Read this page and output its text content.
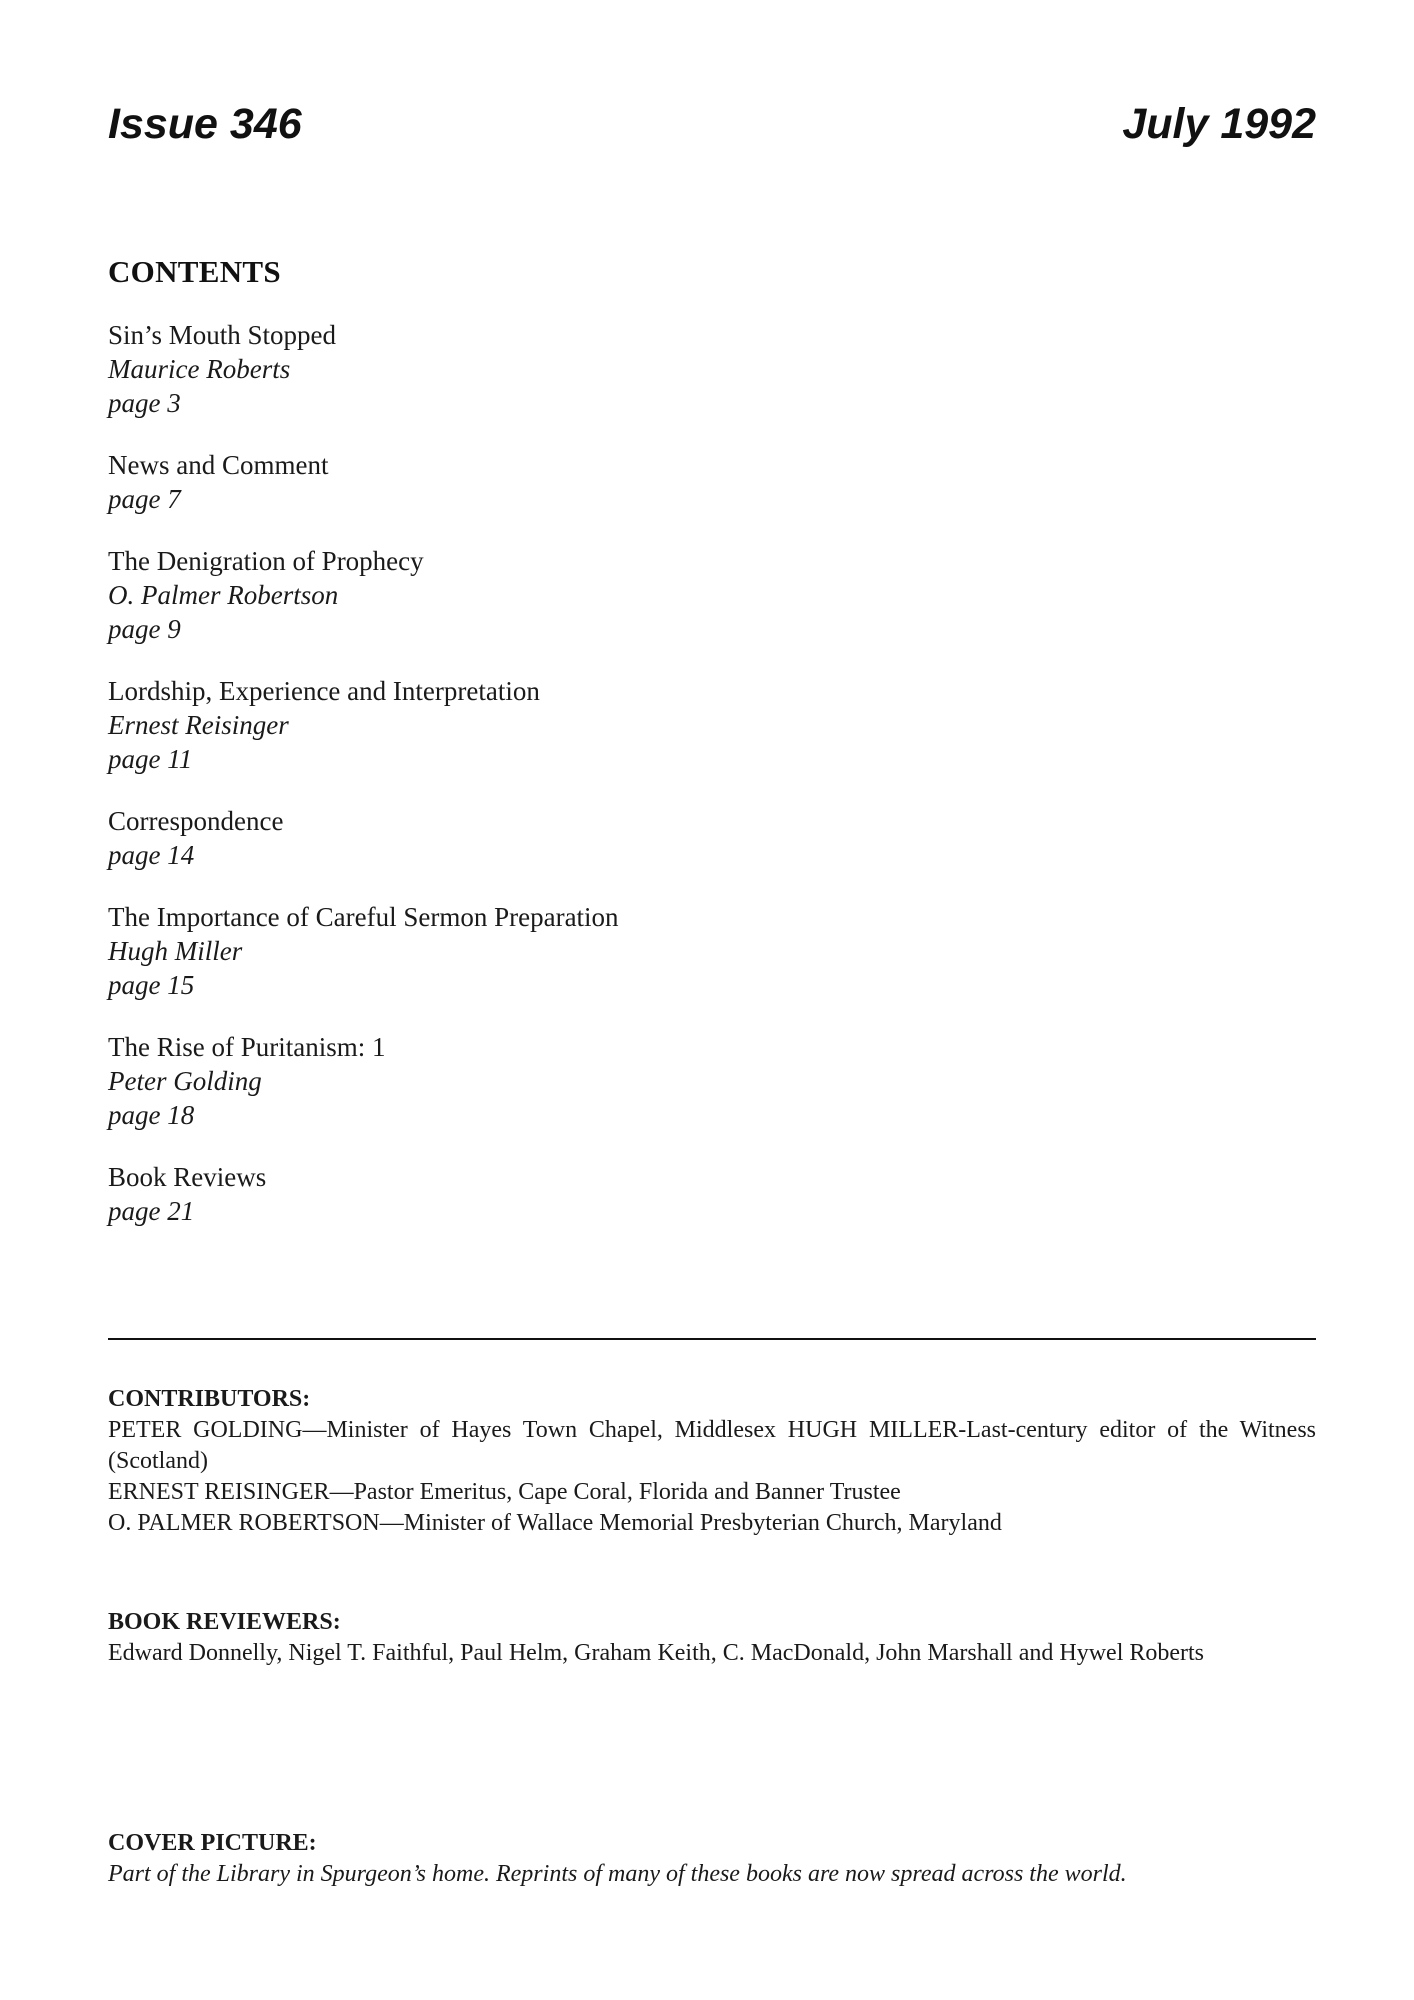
Issue 346	July 1992
CONTENTS
Sin’s Mouth Stopped
Maurice Roberts
page 3
News and Comment
page 7
The Denigration of Prophecy
O. Palmer Robertson
page 9
Lordship, Experience and Interpretation
Ernest Reisinger
page 11
Correspondence
page 14
The Importance of Careful Sermon Preparation
Hugh Miller
page 15
The Rise of Puritanism: 1
Peter Golding
page 18
Book Reviews
page 21
CONTRIBUTORS:

PETER GOLDING—Minister of Hayes Town Chapel, Middlesex HUGH MILLER-Last-century editor of the Witness (Scotland)

ERNEST REISINGER—Pastor Emeritus, Cape Coral, Florida and Banner Trustee

O. PALMER ROBERTSON—Minister of Wallace Memorial Presbyterian Church, Maryland

BOOK REVIEWERS:

Edward Donnelly, Nigel T. Faithful, Paul Helm, Graham Keith, C. MacDonald, John Marshall and Hywel Roberts

COVER PICTURE:

Part of the Library in Spurgeon’s home. Reprints of many of these books are now spread across the world.
